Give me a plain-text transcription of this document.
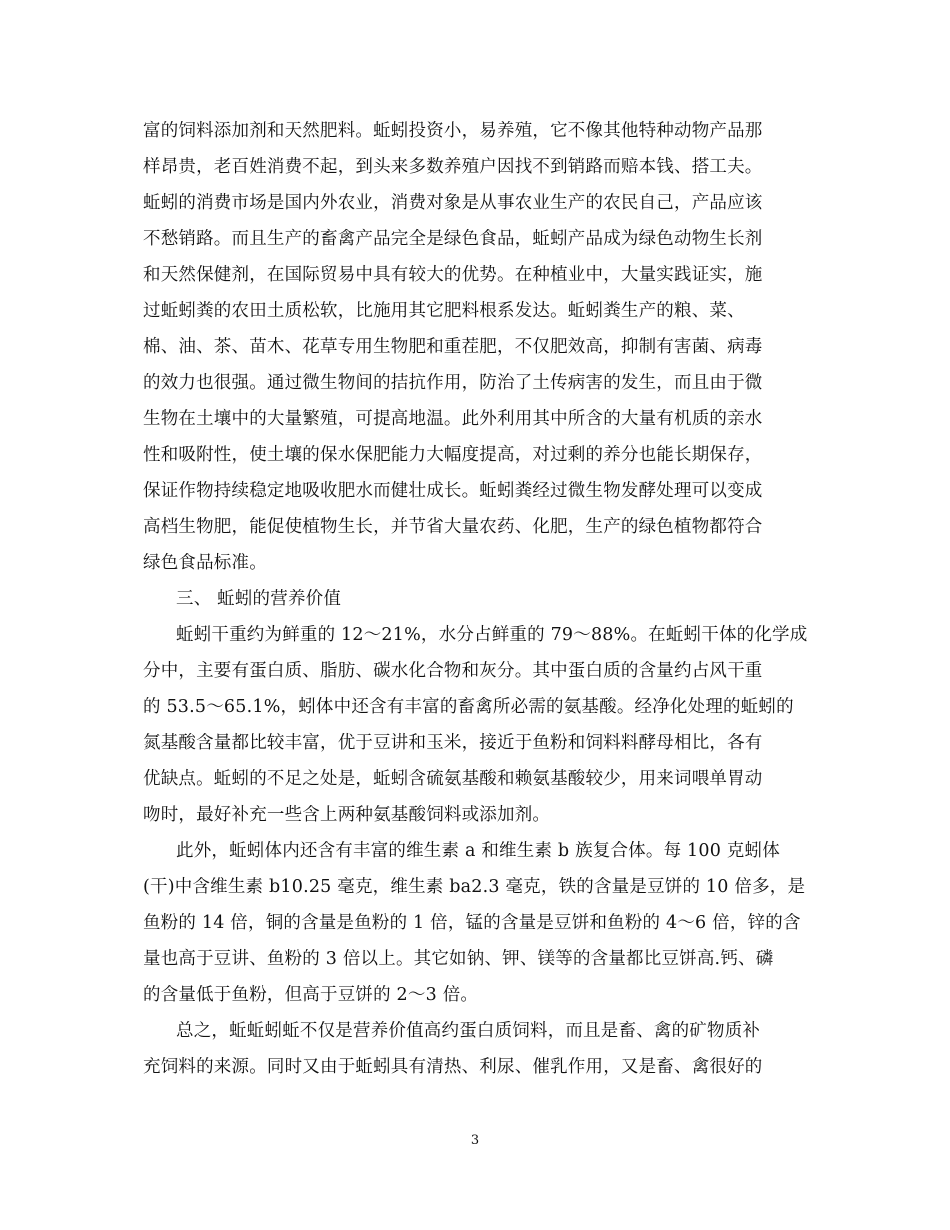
富的饲料添加剂和天然肥料。蚯蚓投资小，易养殖，它不像其他特种动物产品那
样昂贵，老百姓消费不起，到头来多数养殖户因找不到销路而赔本钱、搭工夫。
蚯蚓的消费市场是国内外农业，消费对象是从事农业生产的农民自己，产品应该
不愁销路。而且生产的畜禽产品完全是绿色食品，蚯蚓产品成为绿色动物生长剂
和天然保健剂，在国际贸易中具有较大的优势。在种植业中，大量实践证实，施
过蚯蚓粪的农田土质松软，比施用其它肥料根系发达。蚯蚓粪生产的粮、菜、
棉、油、茶、苗木、花草专用生物肥和重茬肥，不仅肥效高，抑制有害菌、病毒
的效力也很强。通过微生物间的拮抗作用，防治了土传病害的发生，而且由于微
生物在土壤中的大量繁殖，可提高地温。此外利用其中所含的大量有机质的亲水
性和吸附性，使土壤的保水保肥能力大幅度提高，对过剩的养分也能长期保存，
保证作物持续稳定地吸收肥水而健壮成长。蚯蚓粪经过微生物发酵处理可以变成
高档生物肥，能促使植物生长，并节省大量农药、化肥，生产的绿色植物都符合
绿色食品标准。
三、 蚯蚓的营养价值
蚯蚓干重约为鲜重的 12～21%，水分占鲜重的 79～88%。在蚯蚓干体的化学成
分中，主要有蛋白质、脂肪、碳水化合物和灰分。其中蛋白质的含量约占风干重
的 53.5～65.1%，蚓体中还含有丰富的畜禽所必需的氨基酸。经净化处理的蚯蚓的
氮基酸含量都比较丰富，优于豆讲和玉米，接近于鱼粉和饲料料酵母相比，各有
优缺点。蚯蚓的不足之处是，蚯蚓含硫氨基酸和赖氨基酸较少，用来词喂单胃动
吻时，最好补充一些含上两种氨基酸饲料或添加剂。
此外，蚯蚓体内还含有丰富的维生素 a 和维生素 b 族复合体。每 100 克蚓体
(干)中含维生素 b10.25 毫克，维生素 ba2.3 毫克，铁的含量是豆饼的 10 倍多，是
鱼粉的 14 倍，铜的含量是鱼粉的 1 倍，锰的含量是豆饼和鱼粉的 4～6 倍，锌的含
量也高于豆讲、鱼粉的 3 倍以上。其它如钠、钾、镁等的含量都比豆饼高.钙、磷
的含量低于鱼粉，但高于豆饼的 2～3 倍。
总之，蚯蚯蚓蚯不仅是营养价值高约蛋白质饲料，而且是畜、禽的矿物质补
充饲料的来源。同时又由于蚯蚓具有清热、利尿、催乳作用，又是畜、禽很好的
3
